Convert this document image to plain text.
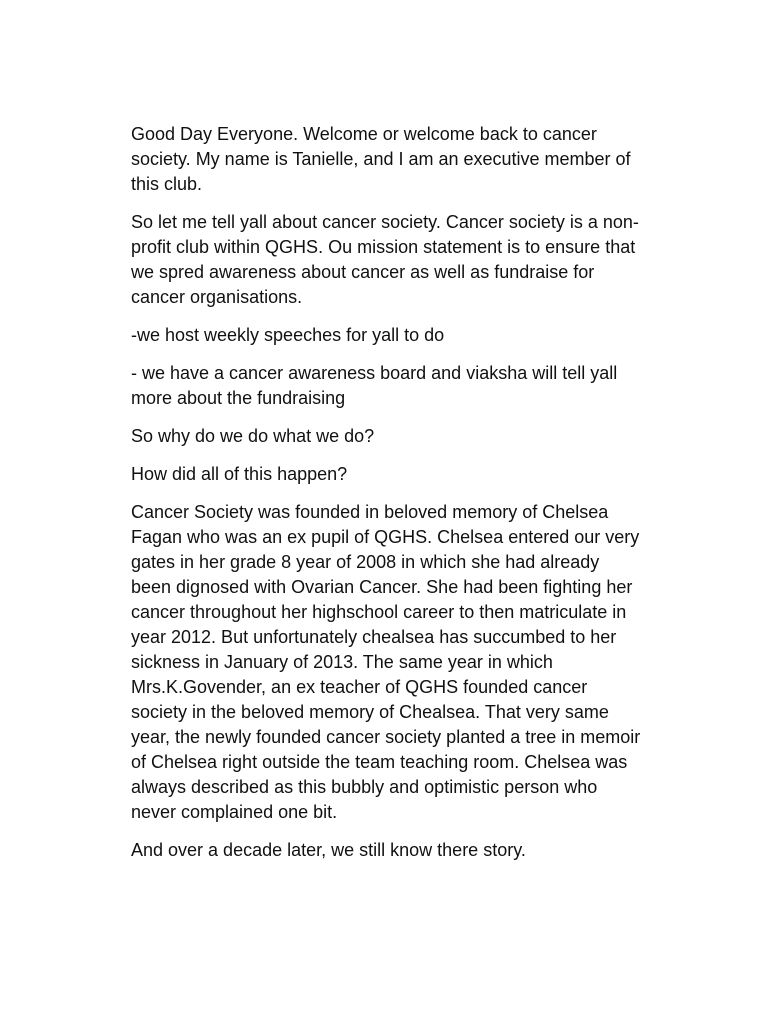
Good Day Everyone. Welcome or welcome back to cancer society. My name is Tanielle, and I am an executive member of this club.

So let me tell yall about cancer society. Cancer society is a non-profit club within QGHS. Ou mission statement is to ensure that we spred awareness about cancer as well as fundraise for cancer organisations.

-we host weekly speeches for yall to do

- we have a cancer awareness board and viaksha will tell yall more about the fundraising

So why do we do what we do?

How did all of this happen?

Cancer Society was founded in beloved memory of Chelsea Fagan who was an ex pupil of QGHS. Chelsea entered our very gates in her grade 8 year of 2008 in which she had already been dignosed with Ovarian Cancer. She had been fighting her cancer throughout her highschool career to then matriculate in year 2012. But unfortunately chealsea has succumbed to her sickness in January of 2013. The same year in which Mrs.K.Govender, an ex teacher of QGHS founded cancer society in the beloved memory of Chealsea. That very same year, the newly founded cancer society planted a tree in memoir of Chelsea right outside the team teaching room. Chelsea was always described as this bubbly and optimistic person who never complained one bit.

And over a decade later, we still know there story.
